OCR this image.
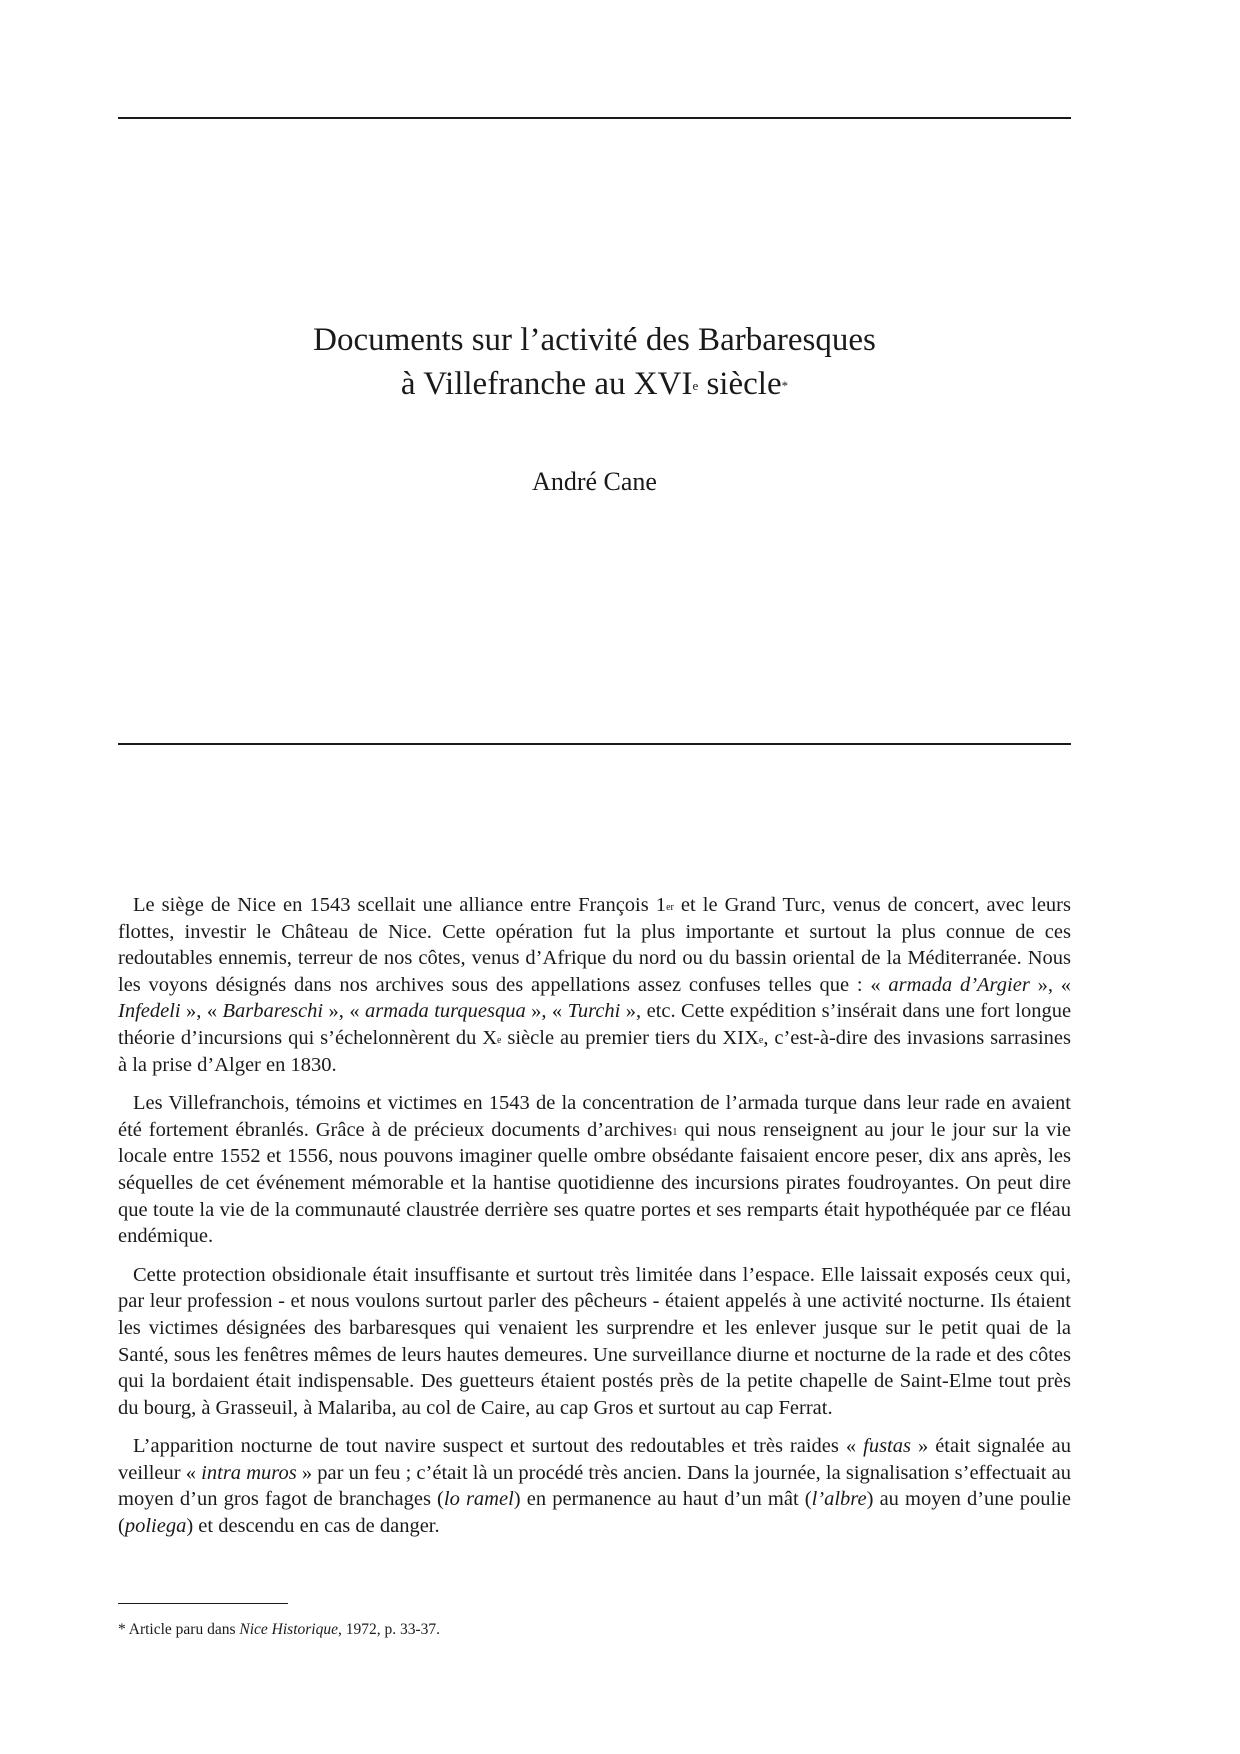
Documents sur l’activité des Barbaresques
à Villefranche au XVIe siècle*
André Cane

Le siège de Nice en 1543 scellait une alliance entre François 1er et le Grand Turc, venus de concert, avec leurs flottes, investir le Château de Nice. Cette opération fut la plus importante et surtout la plus connue de ces redoutables ennemis, terreur de nos côtes, venus d’Afrique du nord ou du bassin oriental de la Méditerranée. Nous les voyons désignés dans nos archives sous des appellations assez confuses telles que : « armada d’Argier », « Infedeli », « Barbareschi », « armada turquesqua », « Turchi », etc. Cette expédition s’insérait dans une fort longue théorie d’incursions qui s’échelonnèrent du Xe siècle au premier tiers du XIXe, c’est-à-dire des invasions sarrasines à la prise d’Alger en 1830.

Les Villefranchois, témoins et victimes en 1543 de la concentration de l’armada turque dans leur rade en avaient été fortement ébranlés. Grâce à de précieux documents d’archives$^1$ qui nous renseignent au jour le jour sur la vie locale entre 1552 et 1556, nous pouvons imaginer quelle ombre obsédante faisaient encore peser, dix ans après, les séquelles de cet événement mémorable et la hantise quotidienne des incursions pirates foudroyantes. On peut dire que toute la vie de la communauté claustrée derrière ses quatre portes et ses remparts était hypothéquée par ce fléau endémique.

Cette protection obsidionale était insuffisante et surtout très limitée dans l’espace. Elle laissait exposés ceux qui, par leur profession - et nous voulons surtout parler des pêcheurs - étaient appelés à une activité nocturne. Ils étaient les victimes désignées des barbaresques qui venaient les surprendre et les enlever jusque sur le petit quai de la Santé, sous les fenêtres mêmes de leurs hautes demeures. Une surveillance diurne et nocturne de la rade et des côtes qui la bordaient était indispensable. Des guetteurs étaient postés près de la petite chapelle de Saint-Elme tout près du bourg, à Grasseuil, à Malariba, au col de Caire, au cap Gros et surtout au cap Ferrat.

L’apparition nocturne de tout navire suspect et surtout des redoutables et très raides « fustas » était signalée au veilleur « intra muros » par un feu ; c’était là un procédé très ancien. Dans la journée, la signalisation s’effectuait au moyen d’un gros fagot de branchages (lo ramel) en permanence au haut d’un mât (l’albre) au moyen d’une poulie (poliega) et descendu en cas de danger.

* Article paru dans Nice Historique, 1972, p. 33-37.
